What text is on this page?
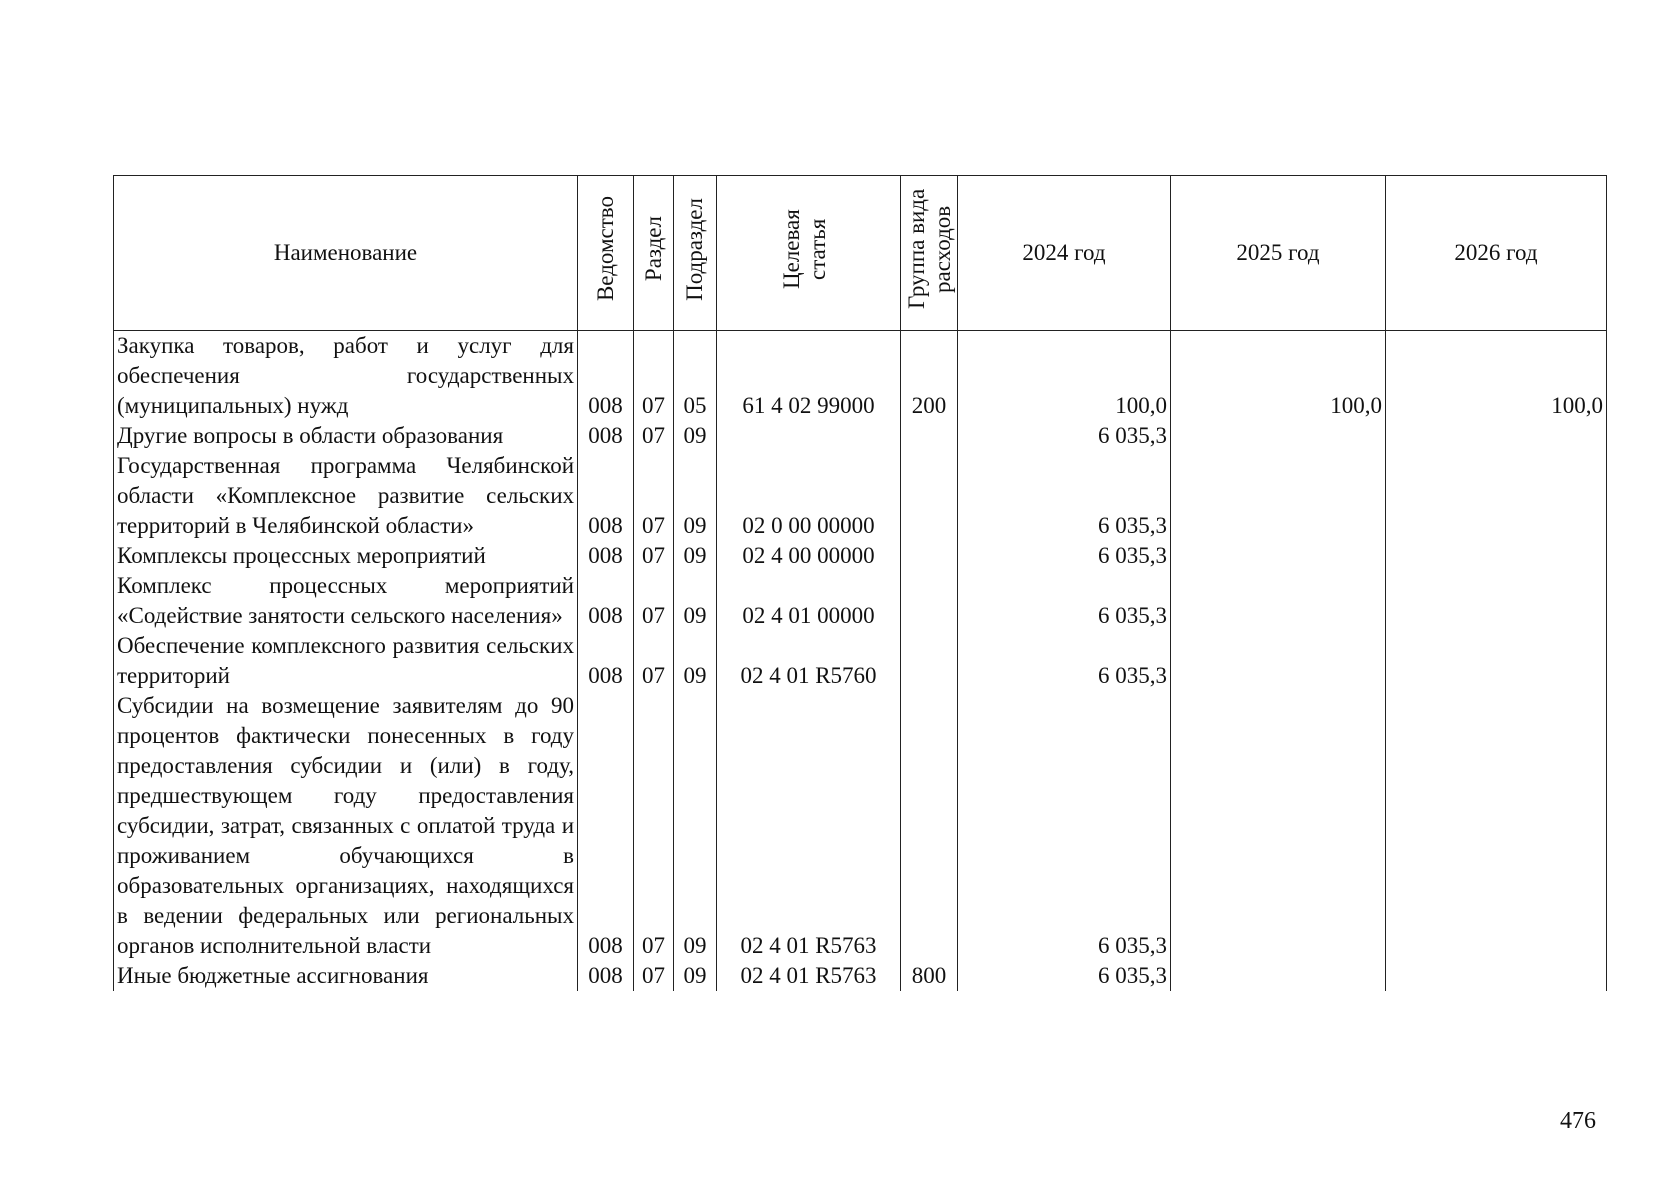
Наименование	Ведомство	Раздел	Подраздел	Целевая статья	Группа вида расходов	2024 год	2025 год	2026 год
Закупка товаров, работ и услуг для обеспечения государственных (муниципальных) нужд	008	07	05	61 4 02 99000	200	100,0	100,0	100,0
Другие вопросы в области образования	008	07	09			6 035,3		
Государственная программа Челябинской области «Комплексное развитие сельских территорий в Челябинской области»	008	07	09	02 0 00 00000		6 035,3		
Комплексы процессных мероприятий	008	07	09	02 4 00 00000		6 035,3		
Комплекс процессных мероприятий «Содействие занятости сельского населения»	008	07	09	02 4 01 00000		6 035,3		
Обеспечение комплексного развития сельских территорий	008	07	09	02 4 01 R5760		6 035,3		
Субсидии на возмещение заявителям до 90 процентов фактически понесенных в году предоставления субсидии и (или) в году, предшествующем году предоставления субсидии, затрат, связанных с оплатой труда и проживанием обучающихся в образовательных организациях, находящихся в ведении федеральных или региональных органов исполнительной власти	008	07	09	02 4 01 R5763		6 035,3		
Иные бюджетные ассигнования	008	07	09	02 4 01 R5763	800	6 035,3		
476
